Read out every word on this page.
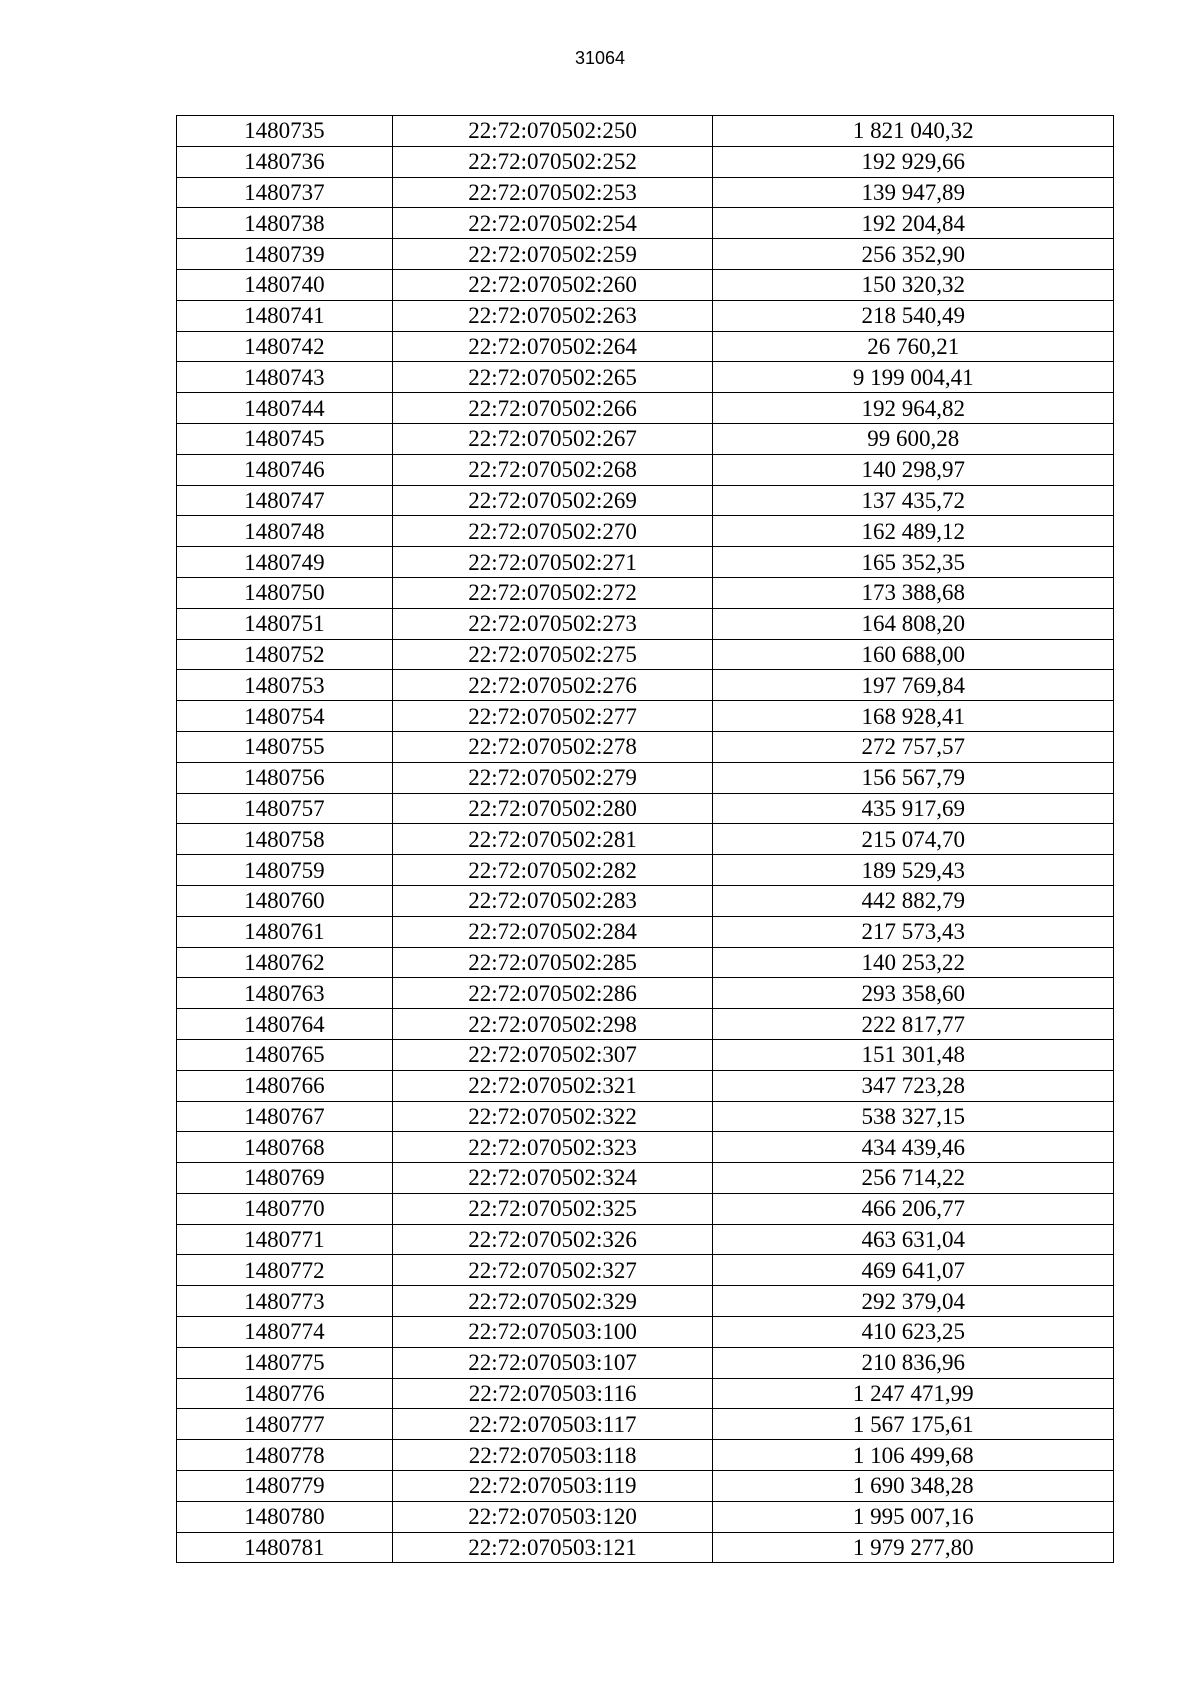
31064
1480735	22:72:070502:250	1 821 040,32
1480736	22:72:070502:252	192 929,66
1480737	22:72:070502:253	139 947,89
1480738	22:72:070502:254	192 204,84
1480739	22:72:070502:259	256 352,90
1480740	22:72:070502:260	150 320,32
1480741	22:72:070502:263	218 540,49
1480742	22:72:070502:264	26 760,21
1480743	22:72:070502:265	9 199 004,41
1480744	22:72:070502:266	192 964,82
1480745	22:72:070502:267	99 600,28
1480746	22:72:070502:268	140 298,97
1480747	22:72:070502:269	137 435,72
1480748	22:72:070502:270	162 489,12
1480749	22:72:070502:271	165 352,35
1480750	22:72:070502:272	173 388,68
1480751	22:72:070502:273	164 808,20
1480752	22:72:070502:275	160 688,00
1480753	22:72:070502:276	197 769,84
1480754	22:72:070502:277	168 928,41
1480755	22:72:070502:278	272 757,57
1480756	22:72:070502:279	156 567,79
1480757	22:72:070502:280	435 917,69
1480758	22:72:070502:281	215 074,70
1480759	22:72:070502:282	189 529,43
1480760	22:72:070502:283	442 882,79
1480761	22:72:070502:284	217 573,43
1480762	22:72:070502:285	140 253,22
1480763	22:72:070502:286	293 358,60
1480764	22:72:070502:298	222 817,77
1480765	22:72:070502:307	151 301,48
1480766	22:72:070502:321	347 723,28
1480767	22:72:070502:322	538 327,15
1480768	22:72:070502:323	434 439,46
1480769	22:72:070502:324	256 714,22
1480770	22:72:070502:325	466 206,77
1480771	22:72:070502:326	463 631,04
1480772	22:72:070502:327	469 641,07
1480773	22:72:070502:329	292 379,04
1480774	22:72:070503:100	410 623,25
1480775	22:72:070503:107	210 836,96
1480776	22:72:070503:116	1 247 471,99
1480777	22:72:070503:117	1 567 175,61
1480778	22:72:070503:118	1 106 499,68
1480779	22:72:070503:119	1 690 348,28
1480780	22:72:070503:120	1 995 007,16
1480781	22:72:070503:121	1 979 277,80
